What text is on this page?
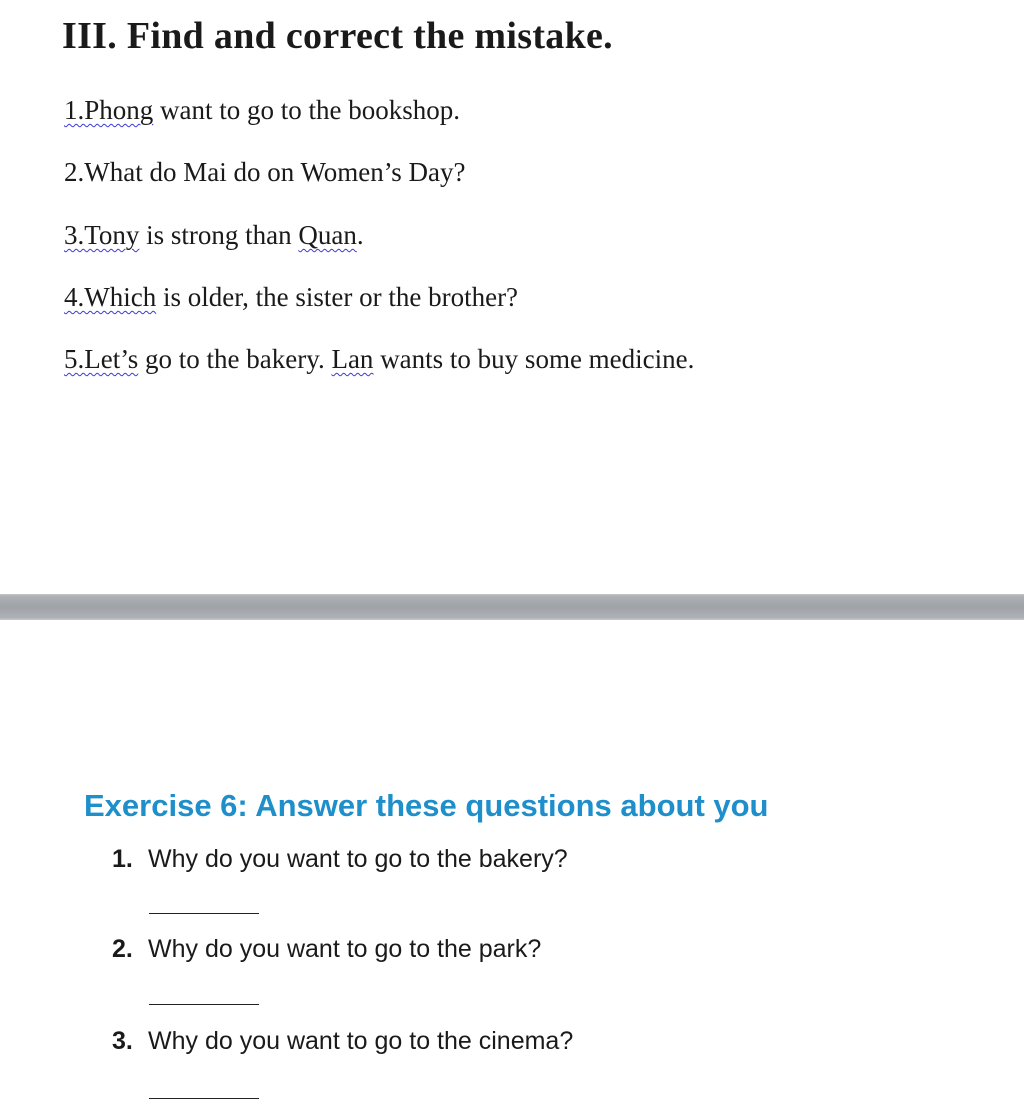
III. Find and correct the mistake.

1.Phong want to go to the bookshop.

2.What do Mai do on Women’s Day?

3.Tony is strong than Quan.

4.Which is older, the sister or the brother?

5.Let’s go to the bakery. Lan wants to buy some medicine.

Exercise 6: Answer these questions about you
1. Why do you want to go to the bakery?
2. Why do you want to go to the park?
3. Why do you want to go to the cinema?
